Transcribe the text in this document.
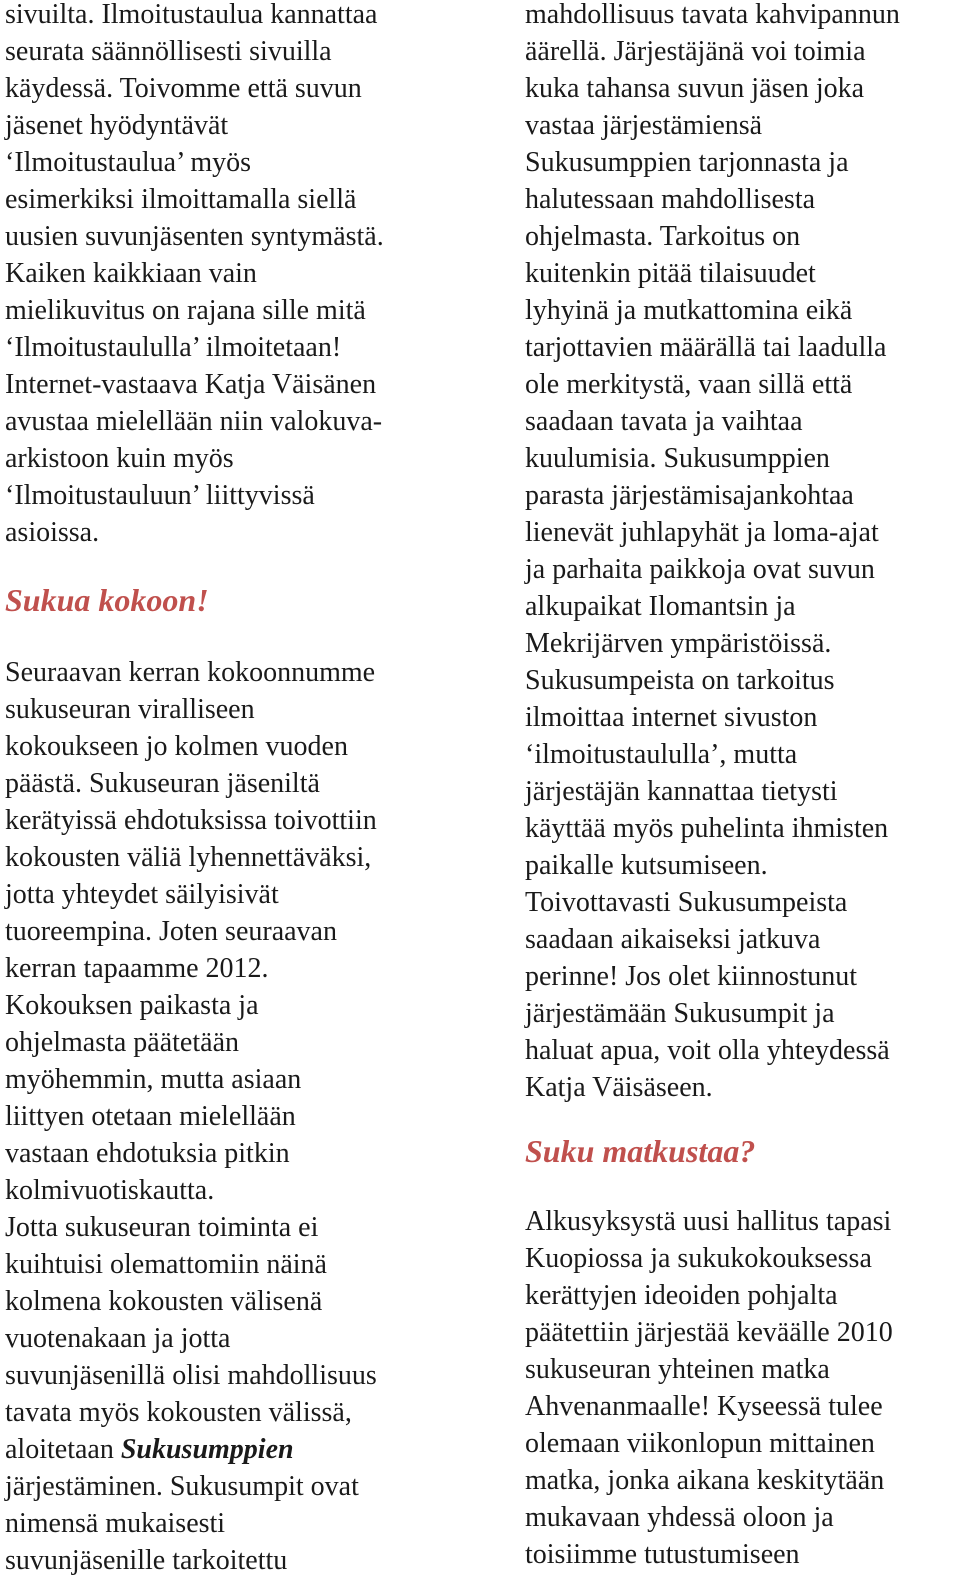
sivuilta. Ilmoitustaulua kannattaa
seurata säännöllisesti sivuilla
käydessä. Toivomme että suvun
jäsenet hyödyntävät
‘Ilmoitustaulua’ myös
esimerkiksi ilmoittamalla siellä
uusien suvunjäsenten syntymästä.
Kaiken kaikkiaan vain
mielikuvitus on rajana sille mitä
‘Ilmoitustaululla’ ilmoitetaan!
Internet-vastaava Katja Väisänen
avustaa mielellään niin valokuva-
arkistoon kuin myös
‘Ilmoitustauluun’ liittyvissä
asioissa.
Sukua kokoon!
Seuraavan kerran kokoonnumme
sukuseuran viralliseen
kokoukseen jo kolmen vuoden
päästä. Sukuseuran jäseniltä
kerätyissä ehdotuksissa toivottiin
kokousten väliä lyhennettäväksi,
jotta yhteydet säilyisivät
tuoreempina. Joten seuraavan
kerran tapaamme 2012.
Kokouksen paikasta ja
ohjelmasta päätetään
myöhemmin, mutta asiaan
liittyen otetaan mielellään
vastaan ehdotuksia pitkin
kolmivuotiskautta.
Jotta sukuseuran toiminta ei
kuihtuisi olemattomiin näinä
kolmena kokousten välisenä
vuotenakaan ja jotta
suvunjäsenillä olisi mahdollisuus
tavata myös kokousten välissä,
aloitetaan Sukusumppien
järjestäminen. Sukusumpit ovat
nimensä mukaisesti
suvunjäsenille tarkoitettu
mahdollisuus tavata kahvipannun
äärellä. Järjestäjänä voi toimia
kuka tahansa suvun jäsen joka
vastaa järjestämiensä
Sukusumppien tarjonnasta ja
halutessaan mahdollisesta
ohjelmasta. Tarkoitus on
kuitenkin pitää tilaisuudet
lyhyinä ja mutkattomina eikä
tarjottavien määrällä tai laadulla
ole merkitystä, vaan sillä että
saadaan tavata ja vaihtaa
kuulumisia. Sukusumppien
parasta järjestämisajankohtaa
lienevät juhlapyhät ja loma-ajat
ja parhaita paikkoja ovat suvun
alkupaikat Ilomantsin ja
Mekrijärven ympäristöissä.
Sukusumpeista on tarkoitus
ilmoittaa internet sivuston
‘ilmoitustaululla’, mutta
järjestäjän kannattaa tietysti
käyttää myös puhelinta ihmisten
paikalle kutsumiseen.
Toivottavasti Sukusumpeista
saadaan aikaiseksi jatkuva
perinne! Jos olet kiinnostunut
järjestämään Sukusumpit ja
haluat apua, voit olla yhteydessä
Katja Väisäseen.
Suku matkustaa?
Alkusyksystä uusi hallitus tapasi
Kuopiossa ja sukukokouksessa
kerättyjen ideoiden pohjalta
päätettiin järjestää keväälle 2010
sukuseuran yhteinen matka
Ahvenanmaalle! Kyseessä tulee
olemaan viikonlopun mittainen
matka, jonka aikana keskitytään
mukavaan yhdessä oloon ja
toisiimme tutustumiseen
